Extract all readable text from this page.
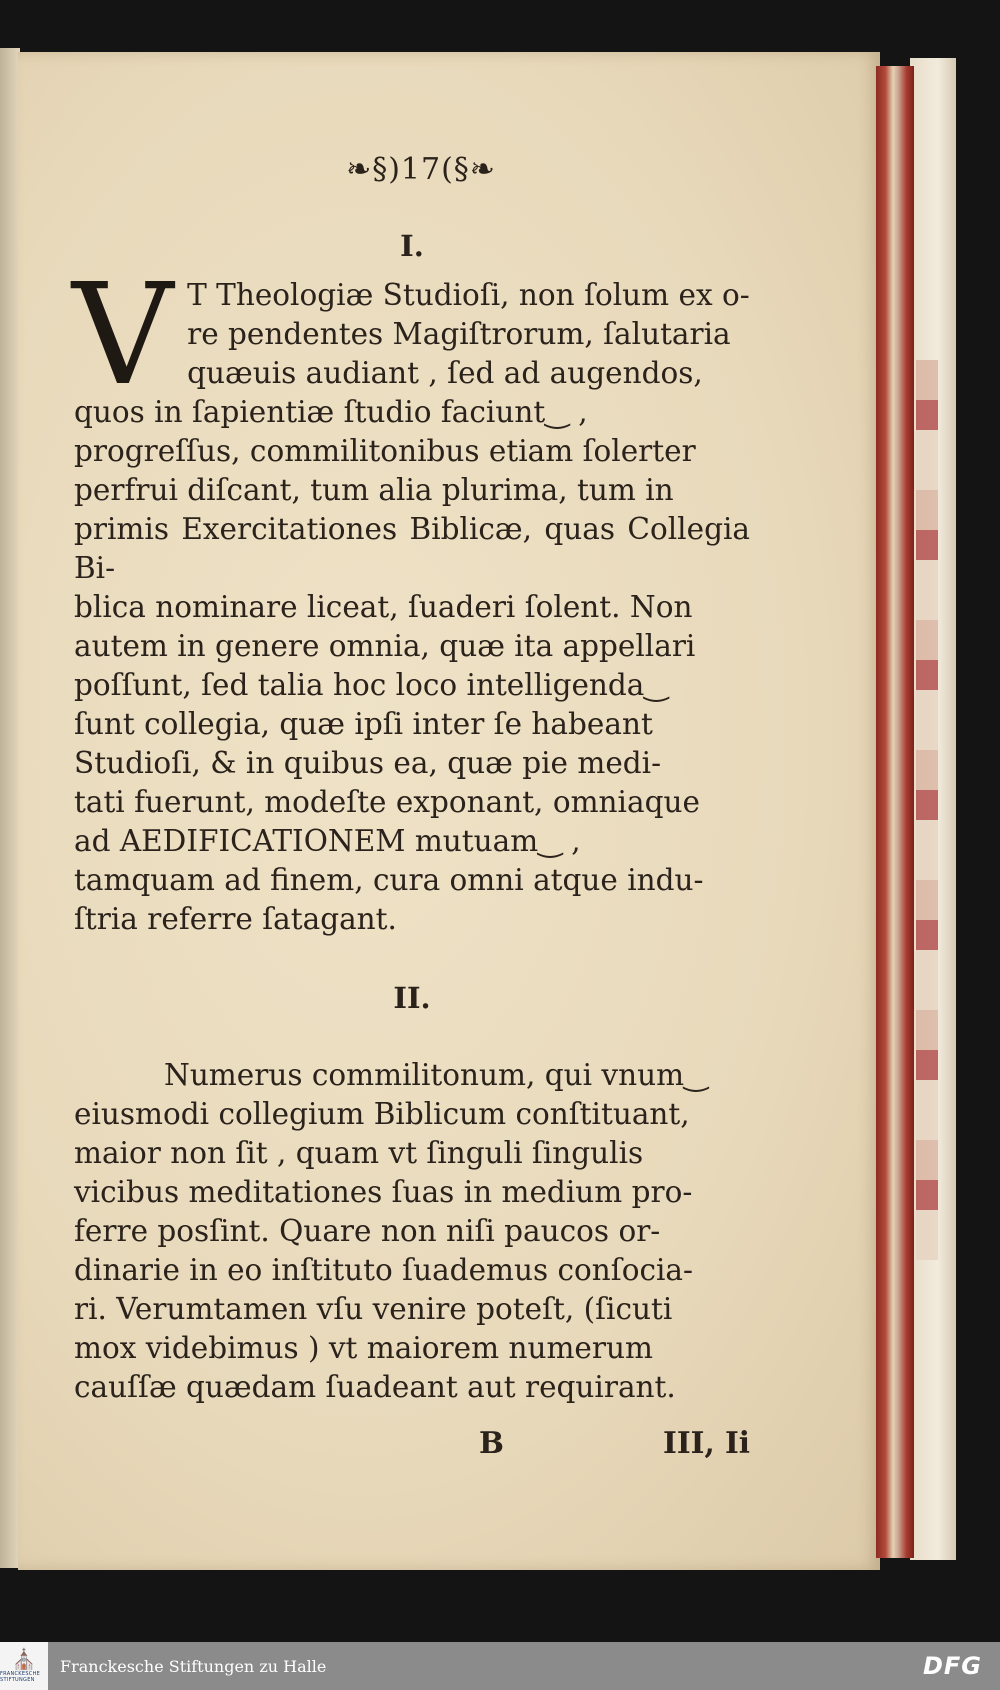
❧§)17(§❧
I.
V T Theologiæ Studioſi, non ſolum ex o-
re pendentes Magiſtrorum, ſalutaria
quæuis audiant , ſed ad augendos,
quos in ſapientiæ ſtudio faciunt‿ ,
progreſſus, commilitonibus etiam ſolerter
perfrui diſcant, tum alia plurima, tum in
primis Exercitationes Biblicæ, quas Collegia Bi-
blica nominare liceat, ſuaderi ſolent. Non
autem in genere omnia, quæ ita appellari
poſſunt, ſed talia hoc loco intelligenda‿
ſunt collegia, quæ ipſi inter ſe habeant
Studioſi, & in quibus ea, quæ pie medi-
tati fuerunt, modeſte exponant, omniaque
ad AEDIFICATIONEM mutuam‿ ,
tamquam ad finem, cura omni atque indu-
ſtria referre ſatagant.
II.
Numerus commilitonum, qui vnum‿
eiusmodi collegium Biblicum conſtituant,
maior non ſit , quam vt ſinguli ſingulis
vicibus meditationes ſuas in medium pro-
ferre posſint. Quare non niſi paucos or-
dinarie in eo inſtituto ſuademus conſocia-
ri. Verumtamen vſu venire poteſt, (ſicuti
mox videbimus ) vt maiorem numerum
cauſſæ quædam ſuadeant aut requirant.
B	III, Ii
⛪
FRANCKESCHE STIFTUNGEN
Franckesche Stiftungen zu Halle	DFG
